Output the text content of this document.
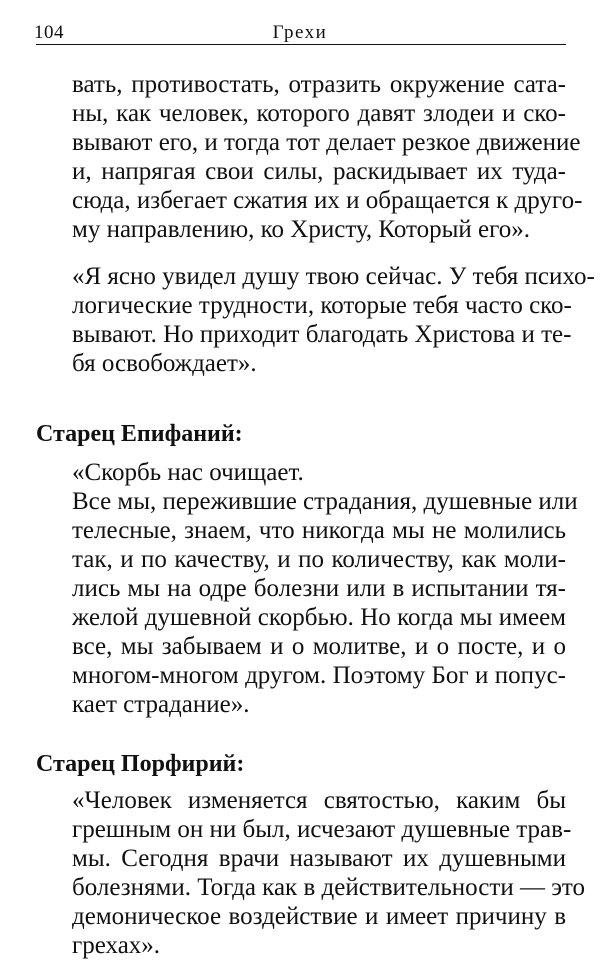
104	Грехи
вать, противостать, отразить окружение сата-
ны, как человек, которого давят злодеи и ско-
вывают его, и тогда тот делает резкое движение
и, напрягая свои силы, раскидывает их туда-
сюда, избегает сжатия их и обращается к друго-
му направлению, ко Христу, Который его».
«Я ясно увидел душу твою сейчас. У тебя психо-
логические трудности, которые тебя часто ско-
вывают. Но приходит благодать Христова и те-
бя освобождает».
Старец Епифаний:
«Скорбь нас очищает.
Все мы, пережившие страдания, душевные или
телесные, знаем, что никогда мы не молились
так, и по качеству, и по количеству, как моли-
лись мы на одре болезни или в испытании тя-
желой душевной скорбью. Но когда мы имеем
все, мы забываем и о молитве, и о посте, и о
многом-многом другом. Поэтому Бог и попус-
кает страдание».
Старец Порфирий:
«Человек изменяется святостью, каким бы
грешным он ни был, исчезают душевные трав-
мы. Сегодня врачи называют их душевными
болезнями. Тогда как в действительности — это
демоническое воздействие и имеет причину в
грехах».
